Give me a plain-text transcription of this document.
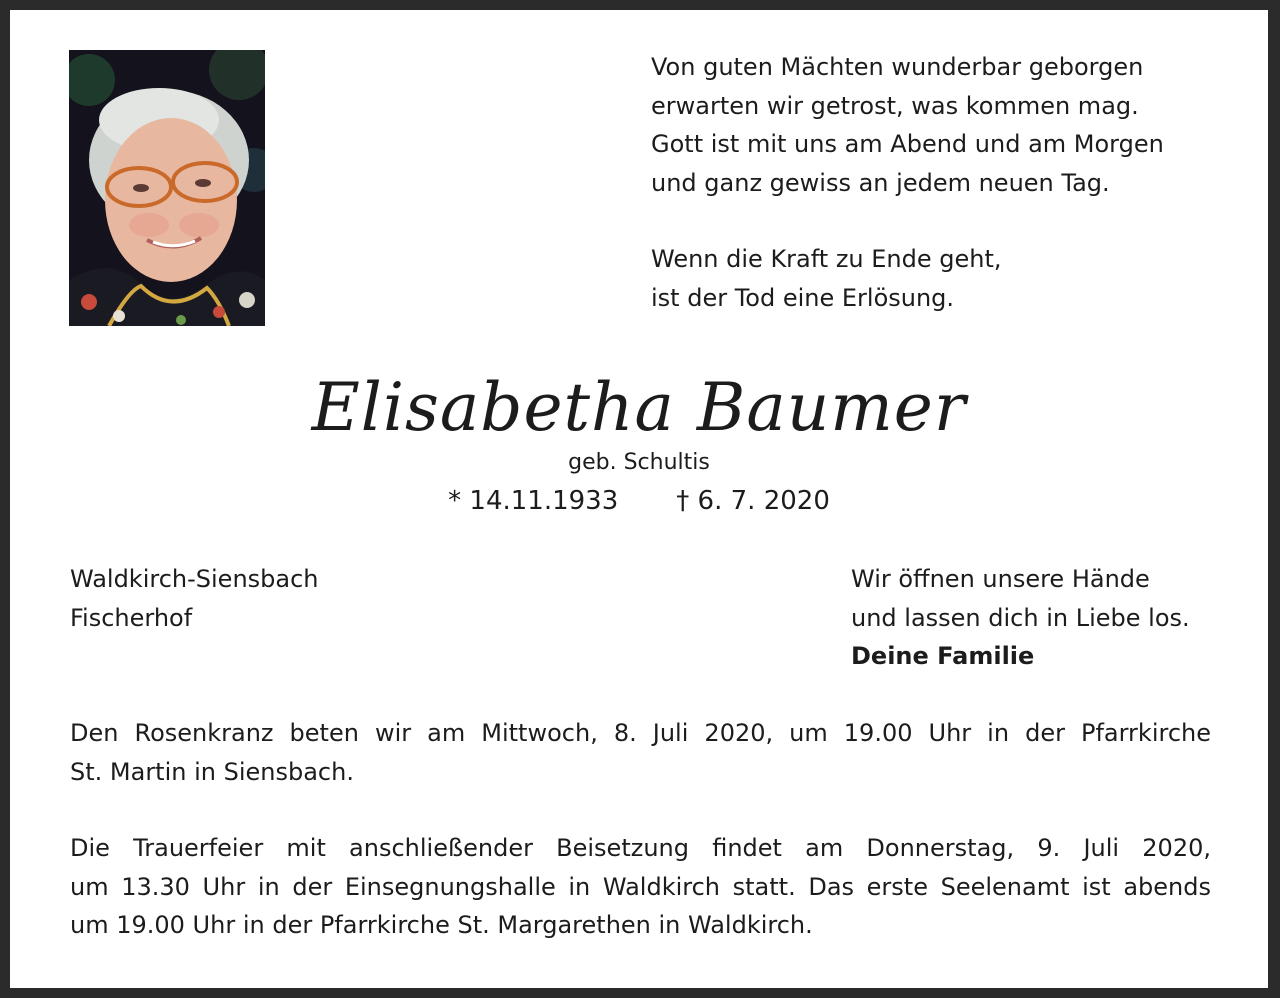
Von guten Mächten wunderbar geborgen
erwarten wir getrost, was kommen mag.
Gott ist mit uns am Abend und am Morgen
und ganz gewiss an jedem neuen Tag.
Wenn die Kraft zu Ende geht,
ist der Tod eine Erlösung.
Elisabetha Baumer
geb. Schultis
* 14.11.1933 † 6. 7. 2020
Waldkirch-Siensbach
Fischerhof
Wir öffnen unsere Hände
und lassen dich in Liebe los.
Deine Familie
Den Rosenkranz beten wir am Mittwoch, 8. Juli 2020, um 19.00 Uhr in der Pfarrkirche
St. Martin in Siensbach.
Die Trauerfeier mit anschließender Beisetzung findet am Donnerstag, 9. Juli 2020,
um 13.30 Uhr in der Einsegnungshalle in Waldkirch statt. Das erste Seelenamt ist abends
um 19.00 Uhr in der Pfarrkirche St. Margarethen in Waldkirch.
